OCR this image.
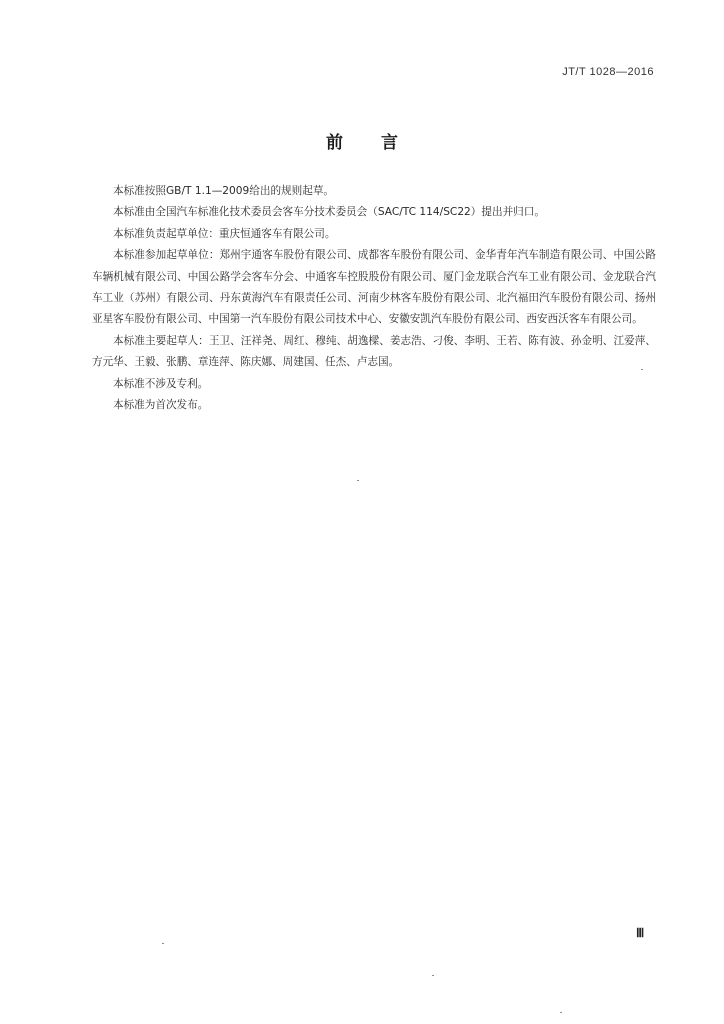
JT/T 1028—2016
前言

本标准按照GB/T 1.1—2009给出的规则起草。

本标准由全国汽车标准化技术委员会客车分技术委员会（SAC/TC 114/SC22）提出并归口。

本标准负责起草单位：重庆恒通客车有限公司。

本标准参加起草单位：郑州宇通客车股份有限公司、成都客车股份有限公司、金华青年汽车制造有限公司、中国公路车辆机械有限公司、中国公路学会客车分会、中通客车控股股份有限公司、厦门金龙联合汽车工业有限公司、金龙联合汽车工业（苏州）有限公司、丹东黄海汽车有限责任公司、河南少林客车股份有限公司、北汽福田汽车股份有限公司、扬州亚星客车股份有限公司、中国第一汽车股份有限公司技术中心、安徽安凯汽车股份有限公司、西安西沃客车有限公司。

本标准主要起草人：王卫、汪祥尧、周红、穆纯、胡逸樑、姜志浩、刁俊、李明、王若、陈有波、孙金明、江爱萍、方元华、王毅、张鹏、章连萍、陈庆娜、周建国、任杰、卢志国。

本标准不涉及专利。

本标准为首次发布。

Ⅲ
